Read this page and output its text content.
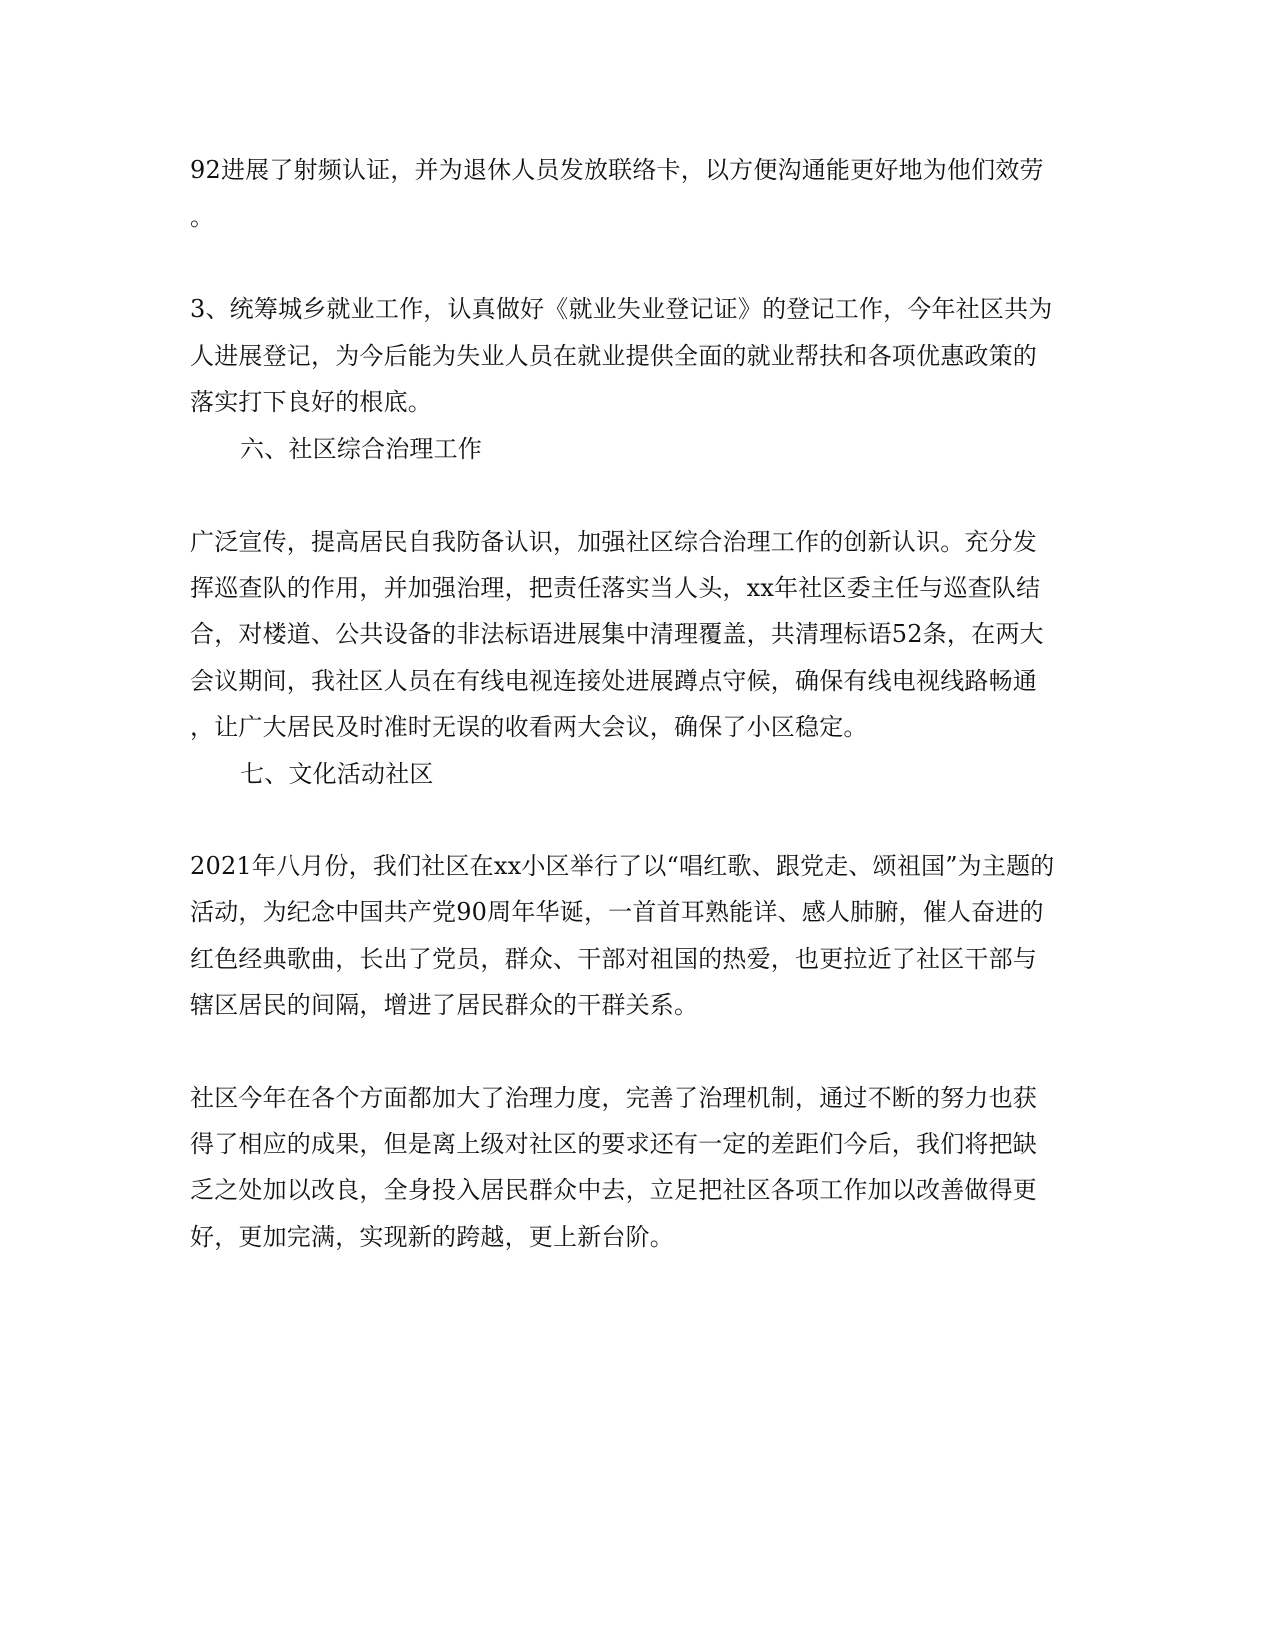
92进展了射频认证，并为退休人员发放联络卡，以方便沟通能更好地为他们效劳
。
3、统筹城乡就业工作，认真做好《就业失业登记证》的登记工作，今年社区共为
人进展登记，为今后能为失业人员在就业提供全面的就业帮扶和各项优惠政策的
落实打下良好的根底。
六、社区综合治理工作
广泛宣传，提高居民自我防备认识，加强社区综合治理工作的创新认识。充分发
挥巡查队的作用，并加强治理，把责任落实当人头，xx年社区委主任与巡查队结
合，对楼道、公共设备的非法标语进展集中清理覆盖，共清理标语52条，在两大
会议期间，我社区人员在有线电视连接处进展蹲点守候，确保有线电视线路畅通
，让广大居民及时准时无误的收看两大会议，确保了小区稳定。
七、文化活动社区
2021年八月份，我们社区在xx小区举行了以“唱红歌、跟党走、颂祖国”为主题的
活动，为纪念中国共产党90周年华诞，一首首耳熟能详、感人肺腑，催人奋进的
红色经典歌曲，长出了党员，群众、干部对祖国的热爱，也更拉近了社区干部与
辖区居民的间隔，增进了居民群众的干群关系。
社区今年在各个方面都加大了治理力度，完善了治理机制，通过不断的努力也获
得了相应的成果，但是离上级对社区的要求还有一定的差距们今后，我们将把缺
乏之处加以改良，全身投入居民群众中去，立足把社区各项工作加以改善做得更
好，更加完满，实现新的跨越，更上新台阶。
